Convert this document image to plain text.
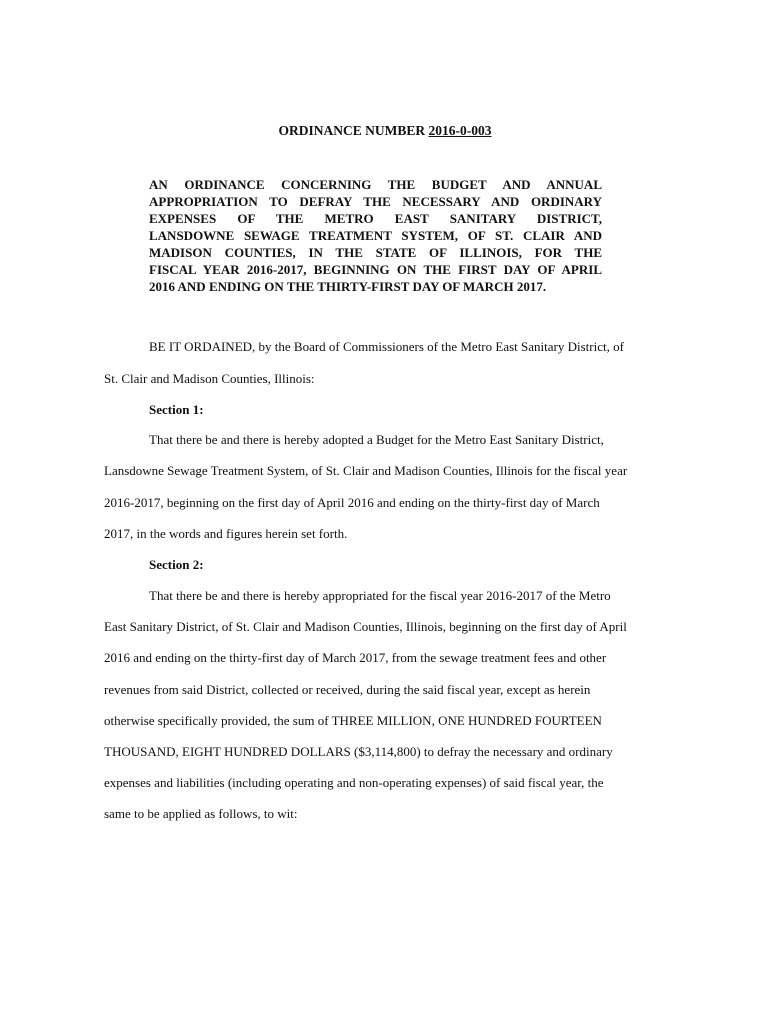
ORDINANCE NUMBER 2016-0-003
AN ORDINANCE CONCERNING THE BUDGET AND ANNUAL
APPROPRIATION TO DEFRAY THE NECESSARY AND ORDINARY
EXPENSES OF THE METRO EAST SANITARY DISTRICT,
LANSDOWNE SEWAGE TREATMENT SYSTEM, OF ST. CLAIR AND
MADISON COUNTIES, IN THE STATE OF ILLINOIS, FOR THE
FISCAL YEAR 2016-2017, BEGINNING ON THE FIRST DAY OF APRIL
2016 AND ENDING ON THE THIRTY-FIRST DAY OF MARCH 2017.
BE IT ORDAINED, by the Board of Commissioners of the Metro East Sanitary District, of
St. Clair and Madison Counties, Illinois:
Section 1:
That there be and there is hereby adopted a Budget for the Metro East Sanitary District,
Lansdowne Sewage Treatment System, of St. Clair and Madison Counties, Illinois for the fiscal year
2016-2017, beginning on the first day of April 2016 and ending on the thirty-first day of March
2017, in the words and figures herein set forth.
Section 2:
That there be and there is hereby appropriated for the fiscal year 2016-2017 of the Metro
East Sanitary District, of St. Clair and Madison Counties, Illinois, beginning on the first day of April
2016 and ending on the thirty-first day of March 2017, from the sewage treatment fees and other
revenues from said District, collected or received, during the said fiscal year, except as herein
otherwise specifically provided, the sum of THREE MILLION, ONE HUNDRED FOURTEEN
THOUSAND, EIGHT HUNDRED DOLLARS ($3,114,800) to defray the necessary and ordinary
expenses and liabilities (including operating and non-operating expenses) of said fiscal year, the
same to be applied as follows, to wit:
